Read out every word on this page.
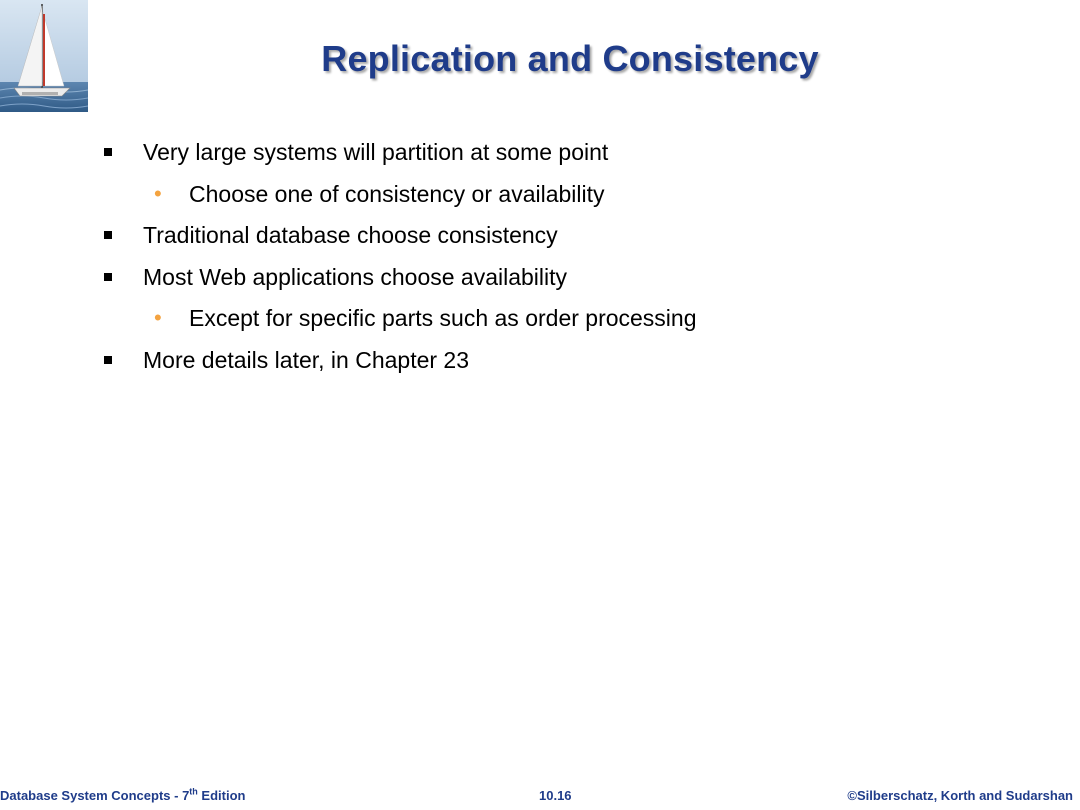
Replication and Consistency
Very large systems will partition at some point
• Choose one of consistency or availability
Traditional database choose consistency
Most Web applications choose availability
• Except for specific parts such as order processing
More details later, in Chapter 23
Database System Concepts - 7th Edition	10.16	©Silberschatz, Korth and Sudarshan
